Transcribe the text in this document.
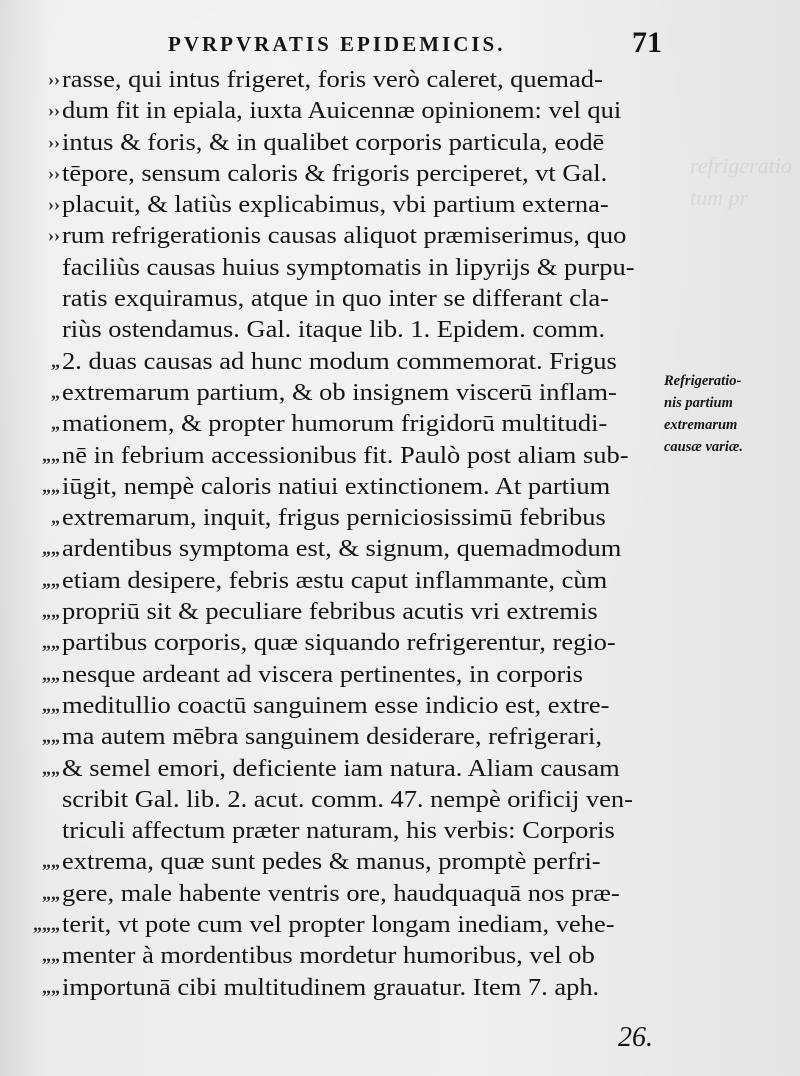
refrigeratio
tum pr
PVRPVRATIS EPIDEMICIS.	71
›› rasse, qui intus frigeret, foris verò caleret, quemad-
›› dum fit in epiala, iuxta Auicennæ opinionem: vel qui
›› intus & foris, & in qualibet corporis particula, eodē
›› tēpore, sensum caloris & frigoris perciperet, vt Gal.
›› placuit, & latiùs explicabimus, vbi partium externa-
›› rum refrigerationis causas aliquot præmiserimus, quo
faciliùs causas huius symptomatis in lipyrijs & purpu-
ratis exquiramus, atque in quo inter se differant cla-
riùs ostendamus. Gal. itaque lib. 1. Epidem. comm.
„ 2. duas causas ad hunc modum commemorat. Frigus
„ extremarum partium, & ob insignem viscerū inflam-
„ mationem, & propter humorum frigidorū multitudi-
„„ nē in febrium accessionibus fit. Paulò post aliam sub-
„„ iūgit, nempè caloris natiui extinctionem. At partium
„ extremarum, inquit, frigus perniciosissimū febribus
„„ ardentibus symptoma est, & signum, quemadmodum
„„ etiam desipere, febris æstu caput inflammante, cùm
„„ propriū sit & peculiare febribus acutis vri extremis
„„ partibus corporis, quæ siquando refrigerentur, regio-
„„ nesque ardeant ad viscera pertinentes, in corporis
„„ meditullio coactū sanguinem esse indicio est, extre-
„„ ma autem mēbra sanguinem desiderare, refrigerari,
„„ & semel emori, deficiente iam natura. Aliam causam
scribit Gal. lib. 2. acut. comm. 47. nempè orificij ven-
triculi affectum præter naturam, his verbis: Corporis
„„ extrema, quæ sunt pedes & manus, promptè perfri-
„„ gere, male habente ventris ore, haudquaquā nos præ-
„„„ terit, vt pote cum vel propter longam inediam, vehe-
„„ menter à mordentibus mordetur humoribus, vel ob
„„ importunā cibi multitudinem grauatur. Item 7. aph.
Refrigeratio-
nis partium
extremarum
causæ variæ.
26.
